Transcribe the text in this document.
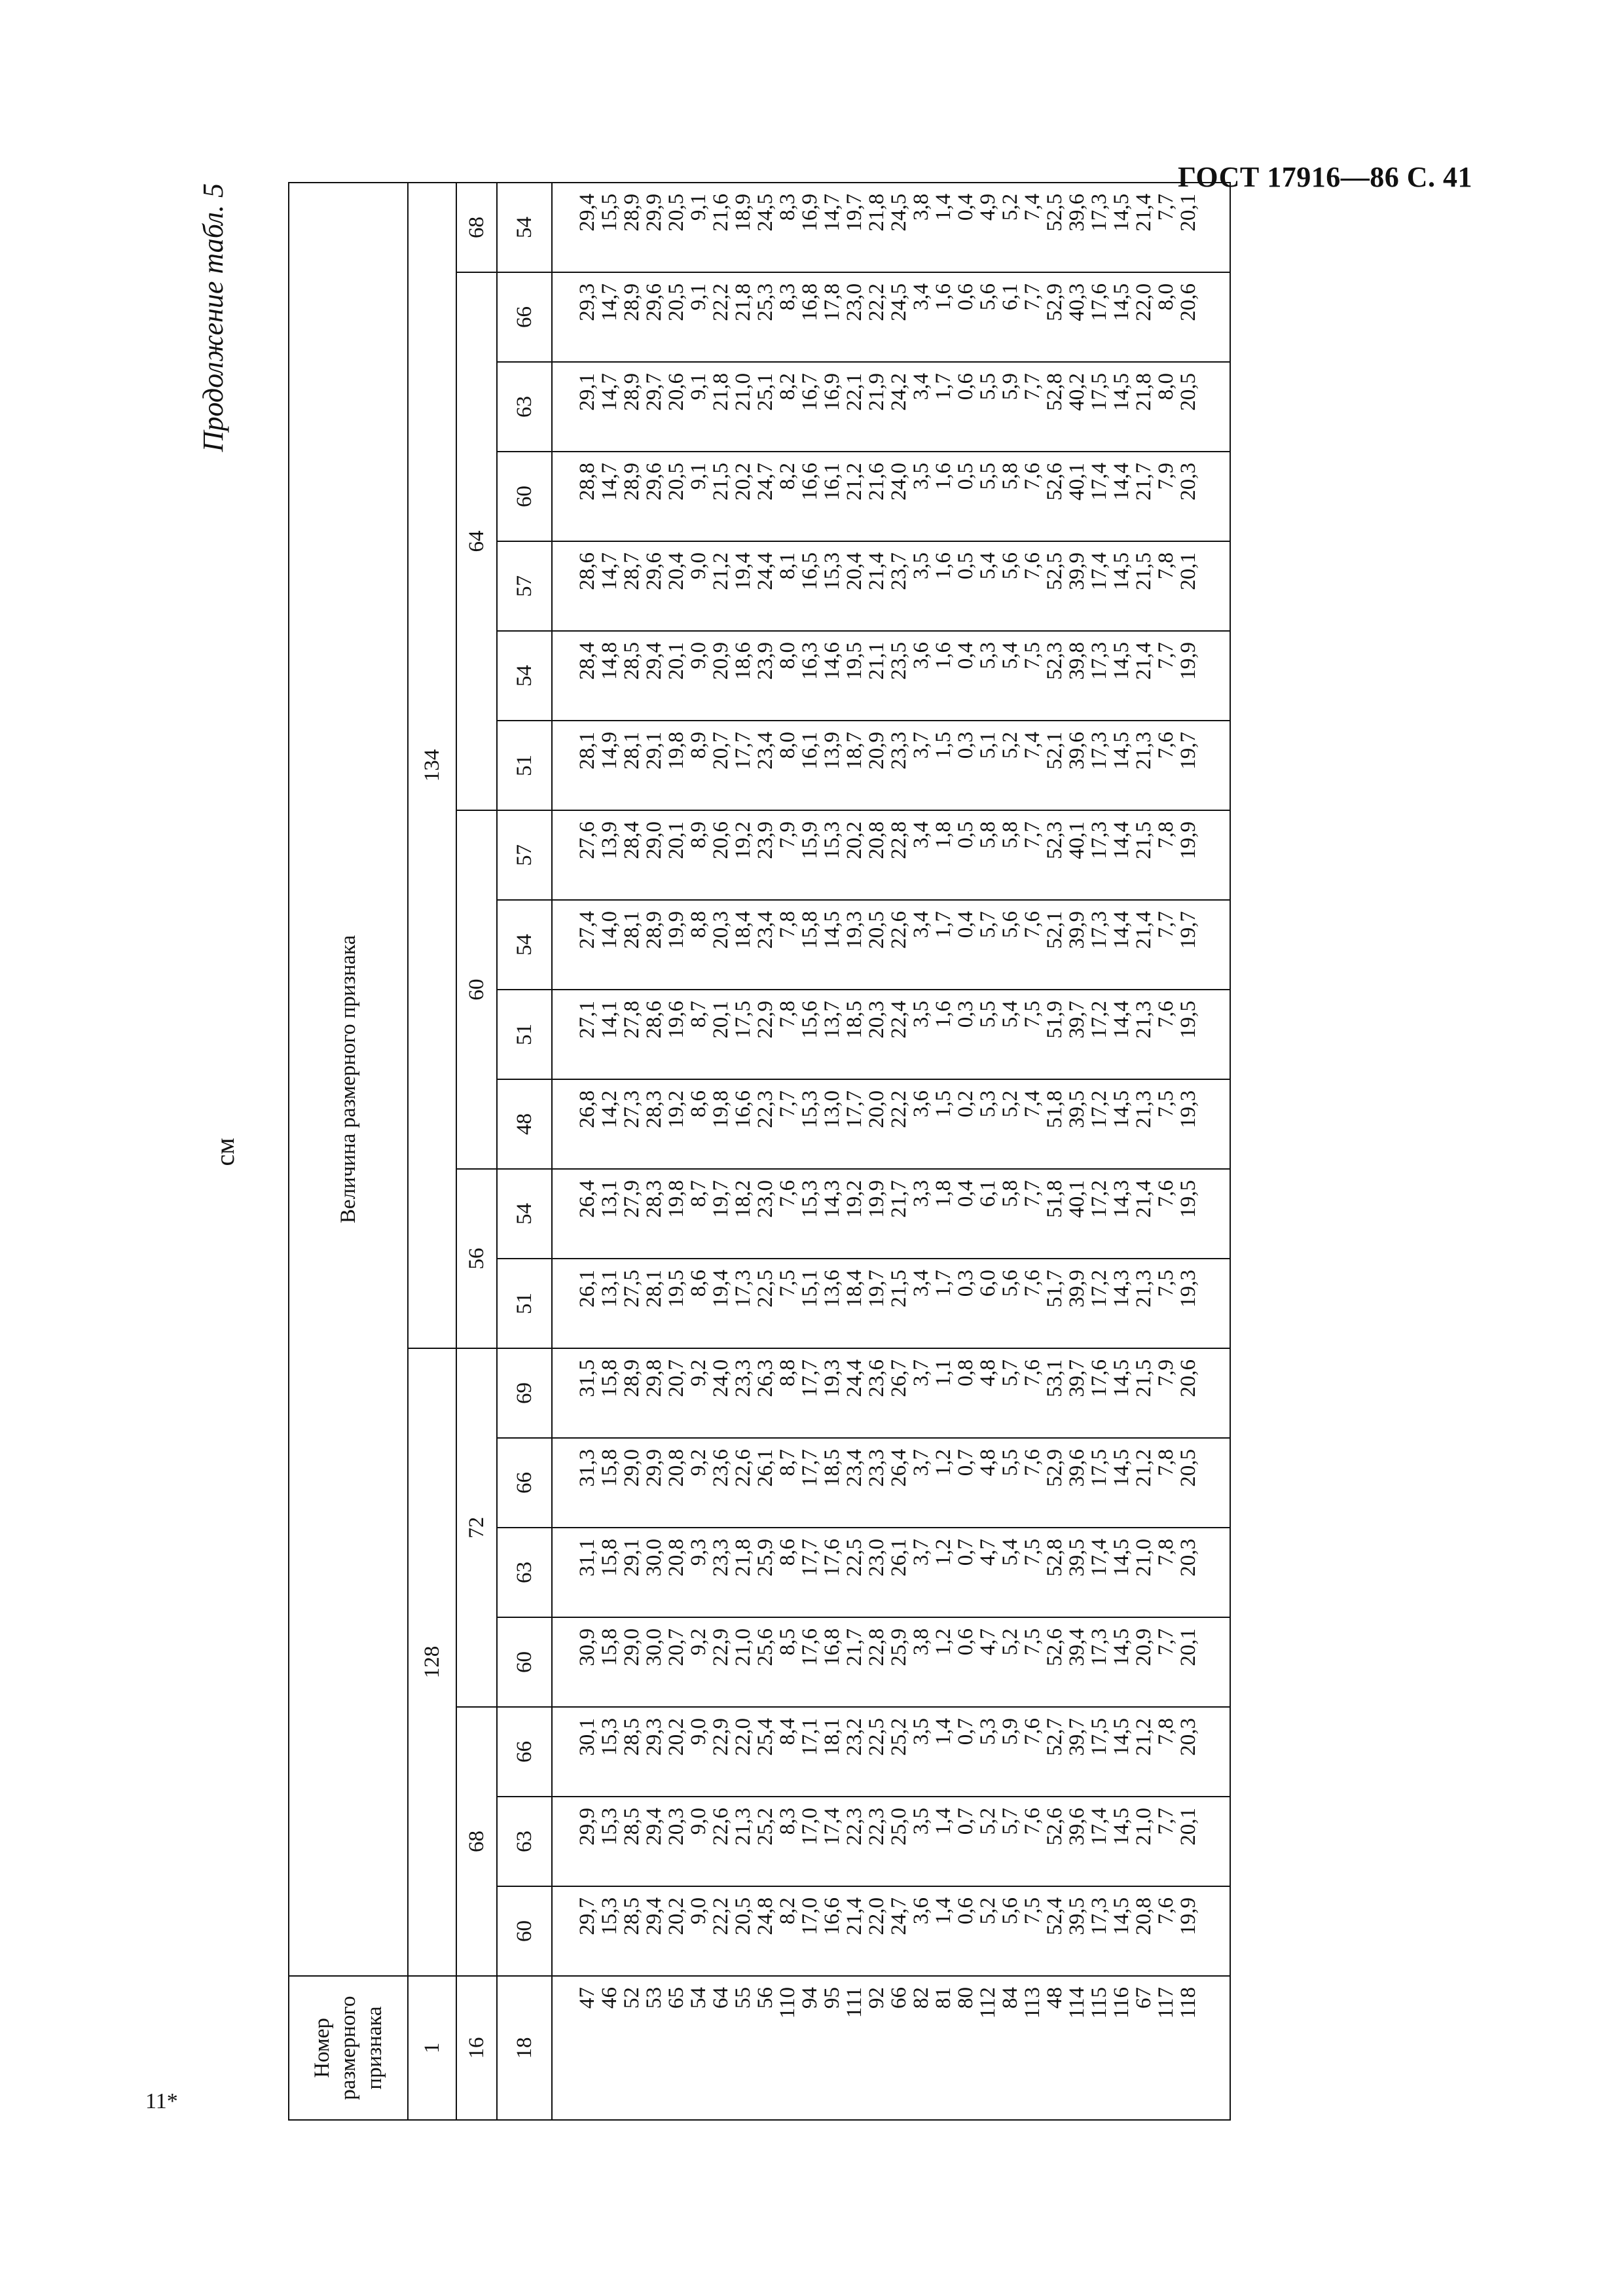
ГОСТ 17916—86 С. 41
11*
Продолжение табл. 5
см
Номер размерного признака	Величина размерного признака																			
1	128							134												
16	68			72				56		60				64						68
18	60	63	66	60	63	66	69	51	54	48	51	54	57	51	54	57	60	63	66	54
47	29,7	29,9	30,1	30,9	31,1	31,3	31,5	26,1	26,4	26,8	27,1	27,4	27,6	28,1	28,4	28,6	28,8	29,1	29,3	29,4
46	15,3	15,3	15,3	15,8	15,8	15,8	15,8	13,1	13,1	14,2	14,1	14,0	13,9	14,9	14,8	14,7	14,7	14,7	14,7	15,5
52	28,5	28,5	28,5	29,0	29,1	29,0	28,9	27,5	27,9	27,3	27,8	28,1	28,4	28,1	28,5	28,7	28,9	28,9	28,9	28,9
53	29,4	29,4	29,3	30,0	30,0	29,9	29,8	28,1	28,3	28,3	28,6	28,9	29,0	29,1	29,4	29,6	29,6	29,7	29,6	29,9
65	20,2	20,3	20,2	20,7	20,8	20,8	20,7	19,5	19,8	19,2	19,6	19,9	20,1	19,8	20,1	20,4	20,5	20,6	20,5	20,5
54	9,0	9,0	9,0	9,2	9,3	9,2	9,2	8,6	8,7	8,6	8,7	8,8	8,9	8,9	9,0	9,0	9,1	9,1	9,1	9,1
64	22,2	22,6	22,9	22,9	23,3	23,6	24,0	19,4	19,7	19,8	20,1	20,3	20,6	20,7	20,9	21,2	21,5	21,8	22,2	21,6
55	20,5	21,3	22,0	21,0	21,8	22,6	23,3	17,3	18,2	16,6	17,5	18,4	19,2	17,7	18,6	19,4	20,2	21,0	21,8	18,9
56	24,8	25,2	25,4	25,6	25,9	26,1	26,3	22,5	23,0	22,3	22,9	23,4	23,9	23,4	23,9	24,4	24,7	25,1	25,3	24,5
110	8,2	8,3	8,4	8,5	8,6	8,7	8,8	7,5	7,6	7,7	7,8	7,8	7,9	8,0	8,0	8,1	8,2	8,2	8,3	8,3
94	17,0	17,0	17,1	17,6	17,7	17,7	17,7	15,1	15,3	15,3	15,6	15,8	15,9	16,1	16,3	16,5	16,6	16,7	16,8	16,9
95	16,6	17,4	18,1	16,8	17,6	18,5	19,3	13,6	14,3	13,0	13,7	14,5	15,3	13,9	14,6	15,3	16,1	16,9	17,8	14,7
111	21,4	22,3	23,2	21,7	22,5	23,4	24,4	18,4	19,2	17,7	18,5	19,3	20,2	18,7	19,5	20,4	21,2	22,1	23,0	19,7
92	22,0	22,3	22,5	22,8	23,0	23,3	23,6	19,7	19,9	20,0	20,3	20,5	20,8	20,9	21,1	21,4	21,6	21,9	22,2	21,8
66	24,7	25,0	25,2	25,9	26,1	26,4	26,7	21,5	21,7	22,2	22,4	22,6	22,8	23,3	23,5	23,7	24,0	24,2	24,5	24,5
82	3,6	3,5	3,5	3,8	3,7	3,7	3,7	3,4	3,3	3,6	3,5	3,4	3,4	3,7	3,6	3,5	3,5	3,4	3,4	3,8
81	1,4	1,4	1,4	1,2	1,2	1,2	1,1	1,7	1,8	1,5	1,6	1,7	1,8	1,5	1,6	1,6	1,6	1,7	1,6	1,4
80	0,6	0,7	0,7	0,6	0,7	0,7	0,8	0,3	0,4	0,2	0,3	0,4	0,5	0,3	0,4	0,5	0,5	0,6	0,6	0,4
112	5,2	5,2	5,3	4,7	4,7	4,8	4,8	6,0	6,1	5,3	5,5	5,7	5,8	5,1	5,3	5,4	5,5	5,5	5,6	4,9
84	5,6	5,7	5,9	5,2	5,4	5,5	5,7	5,6	5,8	5,2	5,4	5,6	5,8	5,2	5,4	5,6	5,8	5,9	6,1	5,2
113	7,5	7,6	7,6	7,5	7,5	7,6	7,6	7,6	7,7	7,4	7,5	7,6	7,7	7,4	7,5	7,6	7,6	7,7	7,7	7,4
48	52,4	52,6	52,7	52,6	52,8	52,9	53,1	51,7	51,8	51,8	51,9	52,1	52,3	52,1	52,3	52,5	52,6	52,8	52,9	52,5
114	39,5	39,6	39,7	39,4	39,5	39,6	39,7	39,9	40,1	39,5	39,7	39,9	40,1	39,6	39,8	39,9	40,1	40,2	40,3	39,6
115	17,3	17,4	17,5	17,3	17,4	17,5	17,6	17,2	17,2	17,2	17,2	17,3	17,3	17,3	17,3	17,4	17,4	17,5	17,6	17,3
116	14,5	14,5	14,5	14,5	14,5	14,5	14,5	14,3	14,3	14,5	14,4	14,4	14,4	14,5	14,5	14,5	14,4	14,5	14,5	14,5
67	20,8	21,0	21,2	20,9	21,0	21,2	21,5	21,3	21,4	21,3	21,3	21,4	21,5	21,3	21,4	21,5	21,7	21,8	22,0	21,4
117	7,6	7,7	7,8	7,7	7,8	7,8	7,9	7,5	7,6	7,5	7,6	7,7	7,8	7,6	7,7	7,8	7,9	8,0	8,0	7,7
118	19,9	20,1	20,3	20,1	20,3	20,5	20,6	19,3	19,5	19,3	19,5	19,7	19,9	19,7	19,9	20,1	20,3	20,5	20,6	20,1
